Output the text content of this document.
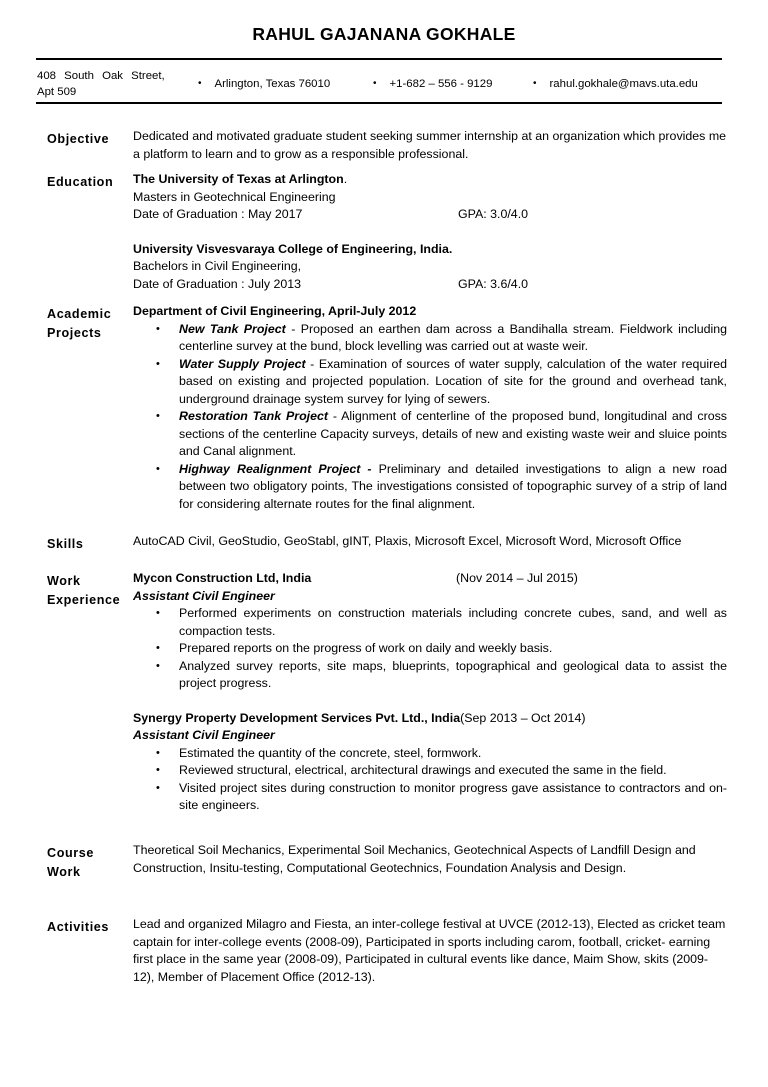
RAHUL GAJANANA GOKHALE
408 South Oak Street,
Apt 509
• Arlington, Texas 76010	• +1-682 – 556 - 9129	• rahul.gokhale@mavs.uta.edu
Objective Dedicated and motivated graduate student seeking summer internship at an organization which provides me a platform to learn and to grow as a responsible professional.

Education The University of Texas at Arlington.

Masters in Geotechnical Engineering

Date of Graduation : May 2017	GPA: 3.0/4.0

University Visvesvaraya College of Engineering, India.

Bachelors in Civil Engineering,

Date of Graduation : July 2013	GPA: 3.6/4.0

Academic
Projects

Department of Civil Engineering, April-July 2012

• New Tank Project - Proposed an earthen dam across a Bandihalla stream. Fieldwork including centerline survey at the bund, block levelling was carried out at waste weir.
• Water Supply Project - Examination of sources of water supply, calculation of the water required based on existing and projected population. Location of site for the ground and overhead tank, underground drainage system survey for lying of sewers.
• Restoration Tank Project - Alignment of centerline of the proposed bund, longitudinal and cross sections of the centerline Capacity surveys, details of new and existing waste weir and sluice points and Canal alignment.
• Highway Realignment Project - Preliminary and detailed investigations to align a new road between two obligatory points, The investigations consisted of topographic survey of a strip of land for considering alternate routes for the final alignment.
Skills	AutoCAD Civil, GeoStudio, GeoStabl, gINT, Plaxis, Microsoft Excel, Microsoft Word, Microsoft Office

Work
Experience

Mycon Construction Ltd, India	(Nov 2014 – Jul 2015)

Assistant Civil Engineer

• Performed experiments on construction materials including concrete cubes, sand, and well as compaction tests.
• Prepared reports on the progress of work on daily and weekly basis.
• Analyzed survey reports, site maps, blueprints, topographical and geological data to assist the project progress.

Synergy Property Development Services Pvt. Ltd., India(Sep 2013 – Oct 2014)

Assistant Civil Engineer

• Estimated the quantity of the concrete, steel, formwork.
• Reviewed structural, electrical, architectural drawings and executed the same in the field.
• Visited project sites during construction to monitor progress gave assistance to contractors and on-site engineers.
Course
Work

Theoretical Soil Mechanics, Experimental Soil Mechanics, Geotechnical Aspects of Landfill Design and Construction, Insitu-testing, Computational Geotechnics, Foundation Analysis and Design.

Activities Lead and organized Milagro and Fiesta, an inter-college festival at UVCE (2012-13), Elected as cricket team captain for inter-college events (2008-09), Participated in sports including carom, football, cricket- earning first place in the same year (2008-09), Participated in cultural events like dance, Maim Show, skits (2009-12), Member of Placement Office (2012-13).
